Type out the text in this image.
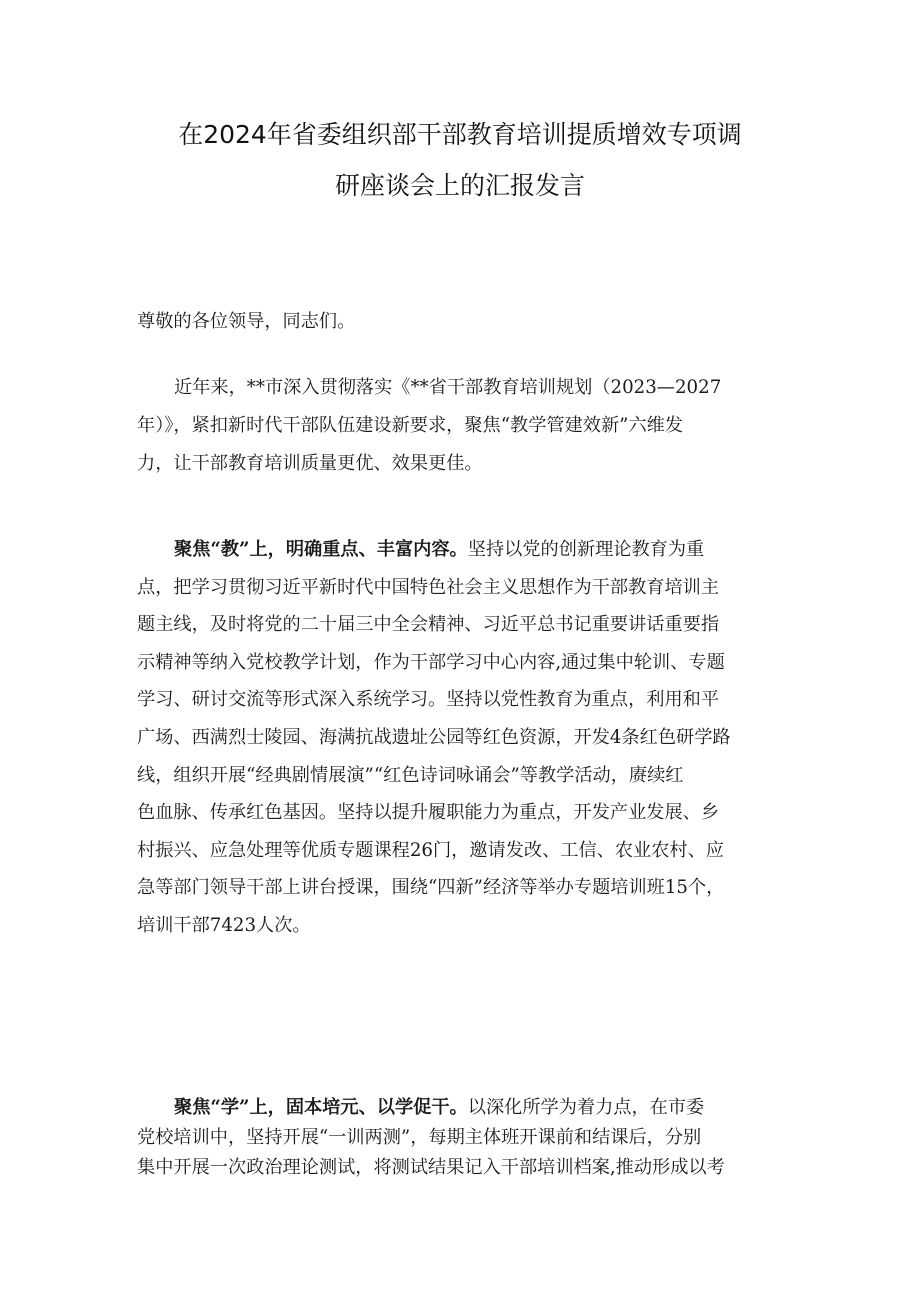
在2024年省委组织部干部教育培训提质增效专项调
研座谈会上的汇报发言
尊敬的各位领导，同志们。
近年来，**市深入贯彻落实《**省干部教育培训规划（2023—2027
年）》，紧扣新时代干部队伍建设新要求，聚焦“教学管建效新”六维发
力，让干部教育培训质量更优、效果更佳。
聚焦“教”上，明确重点、丰富内容。坚持以党的创新理论教育为重
点，把学习贯彻习近平新时代中国特色社会主义思想作为干部教育培训主
题主线，及时将党的二十届三中全会精神、习近平总书记重要讲话重要指
示精神等纳入党校教学计划，作为干部学习中心内容,通过集中轮训、专题
学习、研讨交流等形式深入系统学习。坚持以党性教育为重点，利用和平
广场、西满烈士陵园、海满抗战遗址公园等红色资源，开发4条红色研学路
线，组织开展“经典剧情展演”“红色诗词咏诵会”等教学活动，赓续红
色血脉、传承红色基因。坚持以提升履职能力为重点，开发产业发展、乡
村振兴、应急处理等优质专题课程26门，邀请发改、工信、农业农村、应
急等部门领导干部上讲台授课，围绕“四新”经济等举办专题培训班15个，
培训干部7423人次。
聚焦“学”上，固本培元、以学促干。以深化所学为着力点，在市委
党校培训中，坚持开展“一训两测”，每期主体班开课前和结课后，分别
集中开展一次政治理论测试，将测试结果记入干部培训档案,推动形成以考
